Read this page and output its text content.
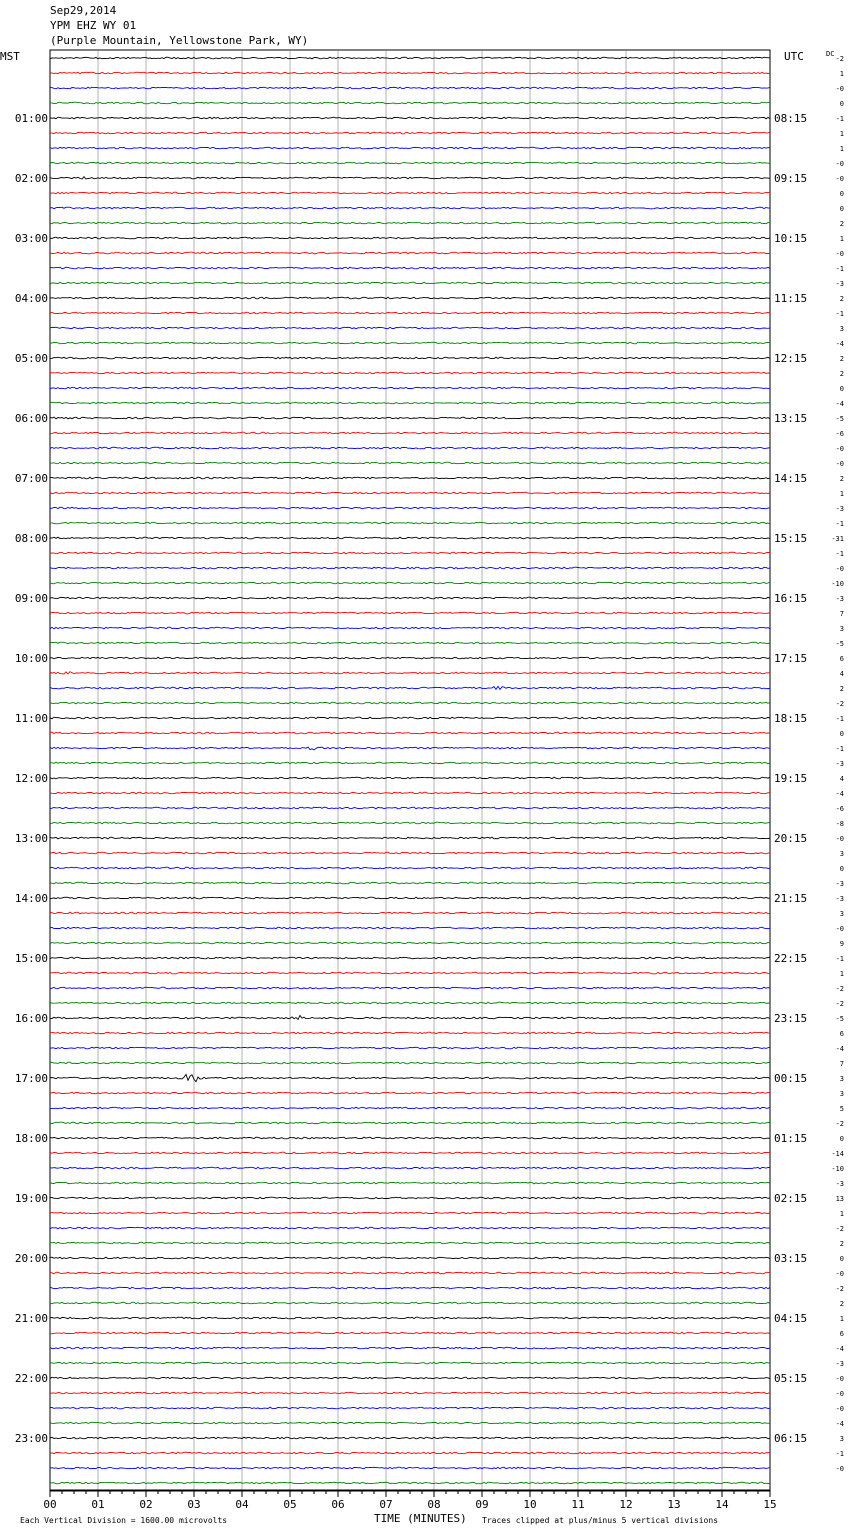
Sep29,2014
YPM EHZ WY 01
(Purple Mountain, Yellowstone Park, WY)
MST	UTC	-2
1
-0
0
-1
1
1
-0
-0
0
0
2
1
-0
-1
-3
2
-1
3
-4
2
2
0
-4
-5
-6
-0
-0
2
1
-3
-1
-31
-1
-0
-10
-3
7
3
-5
6
4
2
-2
-1
0
-1
-3
4
-4
-6
-8
-0
3
0
-3
-3
3
-0
9
-1
1
-2
-2
-5
6
-4
7
3
3
5
-2
0
-14
-10
-3
13
1
-2
2
0
-0
-2
2
1
6
-4
-3
-0
-0
-0
-4
3
-1
-0
DC
01:00
02:00
03:00
04:00
05:00
06:00
07:00
08:00
09:00
10:00
11:00
12:00
13:00
14:00
15:00
16:00
17:00
18:00
19:00
20:00
21:00
22:00
23:00
08:15
09:15
10:15
11:15
12:15
13:15
14:15
15:15
16:15
17:15
18:15
19:15
20:15
21:15
22:15
23:15
00:15
01:15
02:15
03:15
04:15
05:15
06:15
00	01	02	03	04	05	06	07	08	09	10	11	12	13	14	15
Each Vertical Division = 1600.00 microvolts	TIME (MINUTES) Traces clipped at plus/minus 5 vertical divisions
